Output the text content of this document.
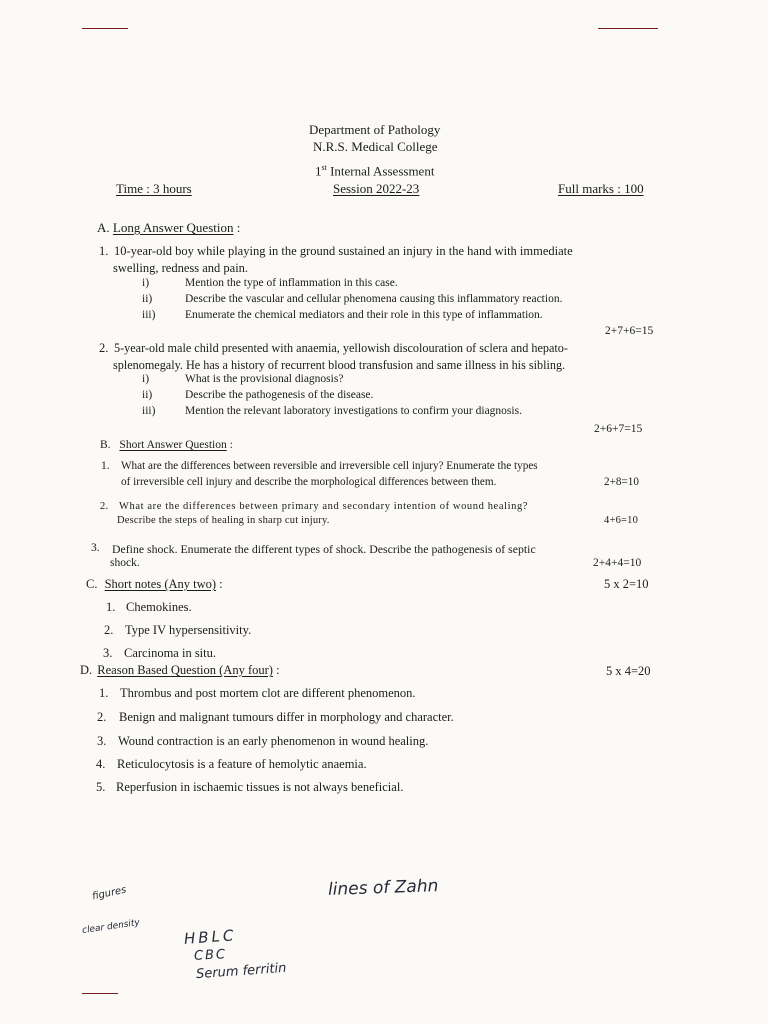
Department of Pathology
N.R.S. Medical College
1st Internal Assessment
Time : 3 hours	Session 2022-23	Full marks : 100
A. Long Answer Question :
1. 10-year-old boy while playing in the ground sustained an injury in the hand with immediate
swelling, redness and pain.
i)	Mention the type of inflammation in this case.
ii)	Describe the vascular and cellular phenomena causing this inflammatory reaction.
iii)	Enumerate the chemical mediators and their role in this type of inflammation.
2+7+6=15
2. 5-year-old male child presented with anaemia, yellowish discolouration of sclera and hepato-
splenomegaly. He has a history of recurrent blood transfusion and same illness in his sibling.
i)	What is the provisional diagnosis?
ii)	Describe the pathogenesis of the disease.
iii)	Mention the relevant laboratory investigations to confirm your diagnosis.
2+6+7=15
B. Short Answer Question :
1. What are the differences between reversible and irreversible cell injury? Enumerate the types
of irreversible cell injury and describe the morphological differences between them.	2+8=10
2. What are the differences between primary and secondary intention of wound healing?
Describe the steps of healing in sharp cut injury.	4+6=10
3. Define shock. Enumerate the different types of shock. Describe the pathogenesis of septic
shock.	2+4+4=10
C. Short notes (Any two) :	5 x 2=10
1. Chemokines.
2. Type IV hypersensitivity.
3. Carcinoma in situ.
D. Reason Based Question (Any four) :	5 x 4=20
1. Thrombus and post mortem clot are different phenomenon.
2. Benign and malignant tumours differ in morphology and character.
3. Wound contraction is an early phenomenon in wound healing.
4. Reticulocytosis is a feature of hemolytic anaemia.
5. Reperfusion in ischaemic tissues is not always beneficial.
lines of Zahn
HBLC
CBC
Serum ferritin
figures
clear density
